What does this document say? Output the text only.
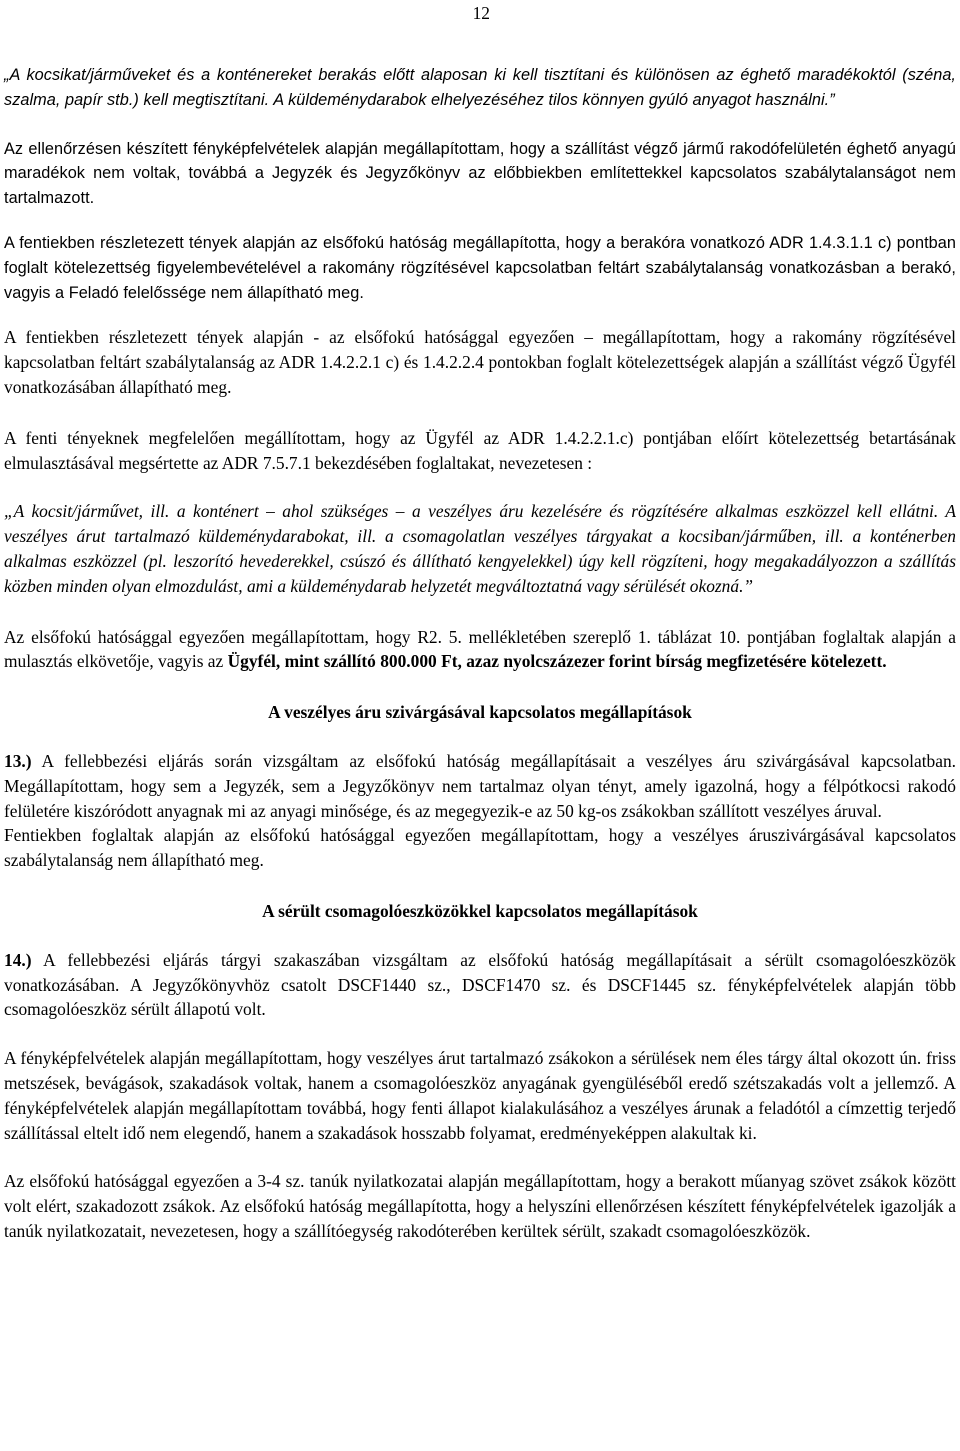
12

„A kocsikat/járműveket és a konténereket berakás előtt alaposan ki kell tisztítani és különösen az éghető maradékoktól (széna, szalma, papír stb.) kell megtisztítani. A küldeménydarabok elhelyezéséhez tilos könnyen gyúló anyagot használni.”

Az ellenőrzésen készített fényképfelvételek alapján megállapítottam, hogy a szállítást végző jármű rakodófelületén éghető anyagú maradékok nem voltak, továbbá a Jegyzék és Jegyzőkönyv az előbbiekben említettekkel kapcsolatos szabálytalanságot nem tartalmazott.

A fentiekben részletezett tények alapján az elsőfokú hatóság megállapította, hogy a berakóra vonatkozó ADR 1.4.3.1.1 c) pontban foglalt kötelezettség figyelembevételével a rakomány rögzítésével kapcsolatban feltárt szabálytalanság vonatkozásban a berakó, vagyis a Feladó felelőssége nem állapítható meg.

A fentiekben részletezett tények alapján - az elsőfokú hatósággal egyezően – megállapítottam, hogy a rakomány rögzítésével kapcsolatban feltárt szabálytalanság az ADR 1.4.2.2.1 c) és 1.4.2.2.4 pontokban foglalt kötelezettségek alapján a szállítást végző Ügyfél vonatkozásában állapítható meg.

A fenti tényeknek megfelelően megállítottam, hogy az Ügyfél az ADR 1.4.2.2.1.c) pontjában előírt kötelezettség betartásának elmulasztásával megsértette az ADR 7.5.7.1 bekezdésében foglaltakat, nevezetesen :

„A kocsit/járművet, ill. a konténert – ahol szükséges – a veszélyes áru kezelésére és rögzítésére alkalmas eszközzel kell ellátni. A veszélyes árut tartalmazó küldeménydarabokat, ill. a csomagolatlan veszélyes tárgyakat a kocsiban/járműben, ill. a konténerben alkalmas eszközzel (pl. leszorító hevederekkel, csúszó és állítható kengyelekkel) úgy kell rögzíteni, hogy megakadályozzon a szállítás közben minden olyan elmozdulást, ami a küldeménydarab helyzetét megváltoztatná vagy sérülését okozná.”

Az elsőfokú hatósággal egyezően megállapítottam, hogy R2. 5. mellékletében szereplő 1. táblázat 10. pontjában foglaltak alapján a mulasztás elkövetője, vagyis az Ügyfél, mint szállító 800.000 Ft, azaz nyolcszázezer forint bírság megfizetésére kötelezett.

A veszélyes áru szivárgásával kapcsolatos megállapítások

13.) A fellebbezési eljárás során vizsgáltam az elsőfokú hatóság megállapításait a veszélyes áru szivárgásával kapcsolatban. Megállapítottam, hogy sem a Jegyzék, sem a Jegyzőkönyv nem tartalmaz olyan tényt, amely igazolná, hogy a félpótkocsi rakodó felületére kiszóródott anyagnak mi az anyagi minősége, és az megegyezik-e az 50 kg-os zsákokban szállított veszélyes áruval.

Fentiekben foglaltak alapján az elsőfokú hatósággal egyezően megállapítottam, hogy a veszélyes áruszivárgásával kapcsolatos szabálytalanság nem állapítható meg.

A sérült csomagolóeszközökkel kapcsolatos megállapítások

14.) A fellebbezési eljárás tárgyi szakaszában vizsgáltam az elsőfokú hatóság megállapításait a sérült csomagolóeszközök vonatkozásában. A Jegyzőkönyvhöz csatolt DSCF1440 sz., DSCF1470 sz. és DSCF1445 sz. fényképfelvételek alapján több csomagolóeszköz sérült állapotú volt.

A fényképfelvételek alapján megállapítottam, hogy veszélyes árut tartalmazó zsákokon a sérülések nem éles tárgy által okozott ún. friss metszések, bevágások, szakadások voltak, hanem a csomagolóeszköz anyagának gyengüléséből eredő szétszakadás volt a jellemző. A fényképfelvételek alapján megállapítottam továbbá, hogy fenti állapot kialakulásához a veszélyes árunak a feladótól a címzettig terjedő szállítással eltelt idő nem elegendő, hanem a szakadások hosszabb folyamat, eredményeképpen alakultak ki.

Az elsőfokú hatósággal egyezően a 3-4 sz. tanúk nyilatkozatai alapján megállapítottam, hogy a berakott műanyag szövet zsákok között volt elért, szakadozott zsákok. Az elsőfokú hatóság megállapította, hogy a helyszíni ellenőrzésen készített fényképfelvételek igazolják a tanúk nyilatkozatait, nevezetesen, hogy a szállítóegység rakodóterében kerültek sérült, szakadt csomagolóeszközök.
